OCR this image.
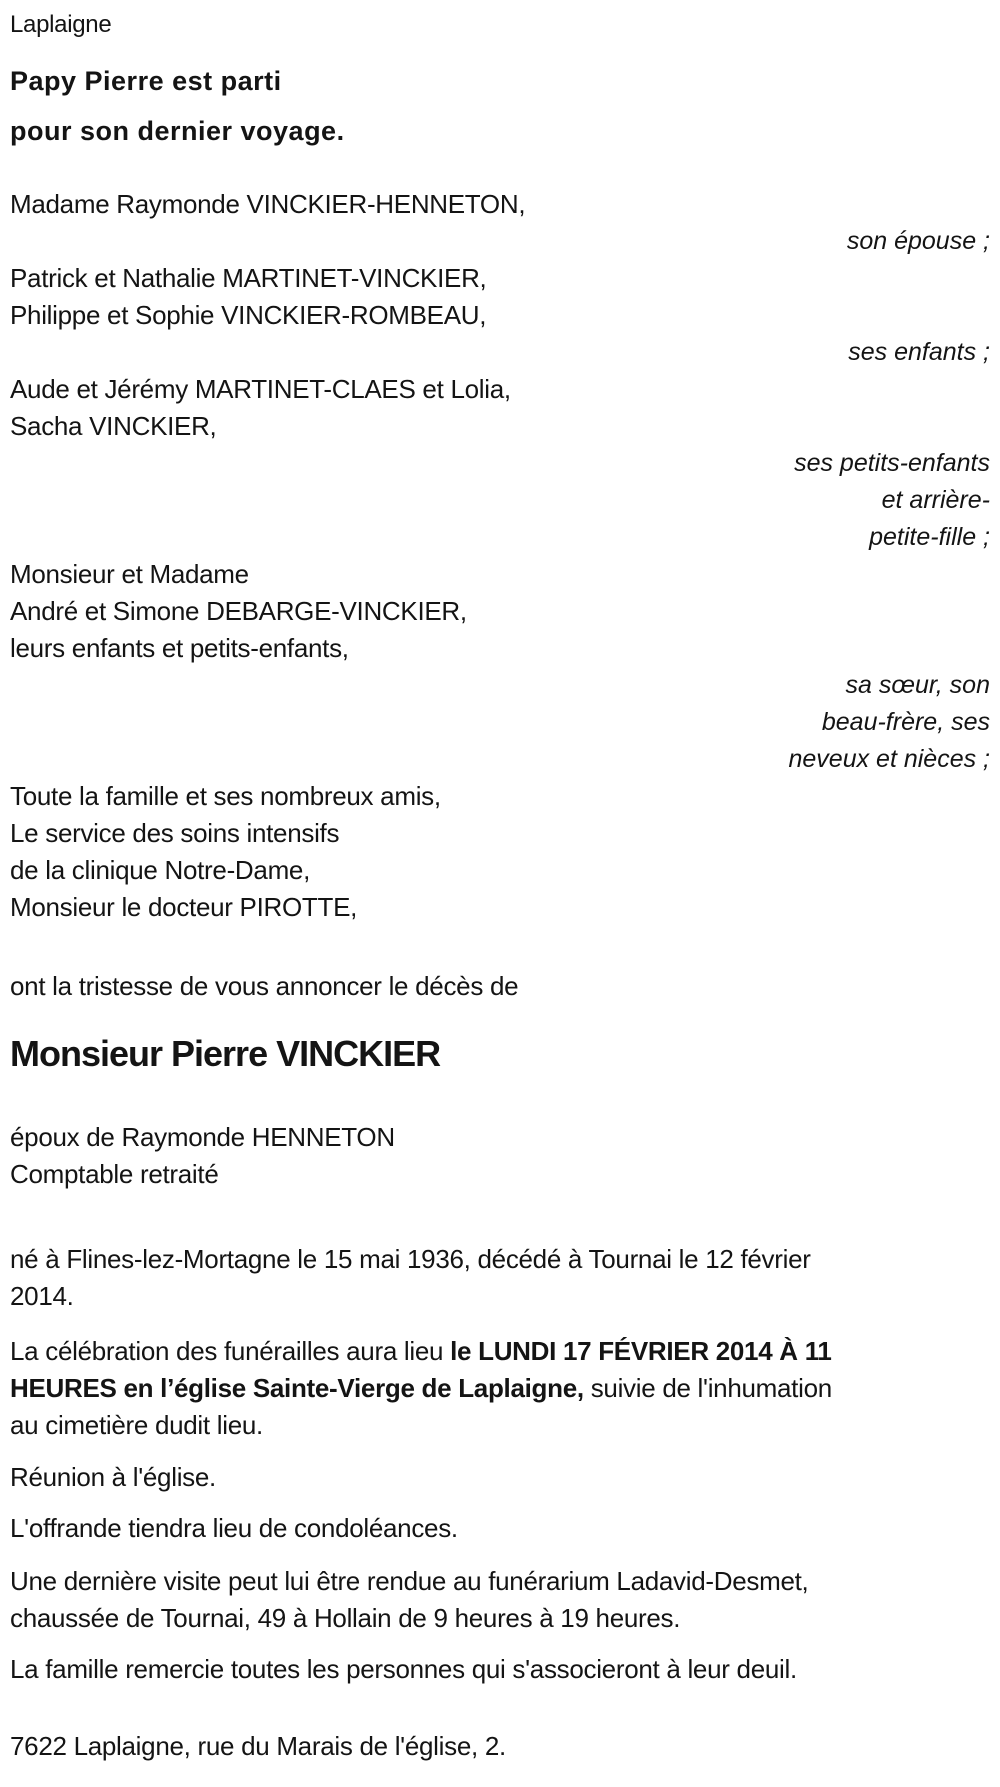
Laplaigne
Papy Pierre est parti
pour son dernier voyage.
Madame Raymonde VINCKIER-HENNETON,
son épouse ;
Patrick et Nathalie MARTINET-VINCKIER,
Philippe et Sophie VINCKIER-ROMBEAU,
ses enfants ;
Aude et Jérémy MARTINET-CLAES et Lolia,
Sacha VINCKIER,
ses petits-enfants
et arrière-
petite-fille ;
Monsieur et Madame
André et Simone DEBARGE-VINCKIER,
leurs enfants et petits-enfants,
sa sœur, son
beau-frère, ses
neveux et nièces ;
Toute la famille et ses nombreux amis,
Le service des soins intensifs
de la clinique Notre-Dame,
Monsieur le docteur PIROTTE,
ont la tristesse de vous annoncer le décès de
Monsieur Pierre VINCKIER
époux de Raymonde HENNETON
Comptable retraité
né à Flines-lez-Mortagne le 15 mai 1936, décédé à Tournai le 12 février
2014.
La célébration des funérailles aura lieu le LUNDI 17 FÉVRIER 2014 À 11
HEURES en l’église Sainte-Vierge de Laplaigne, suivie de l'inhumation
au cimetière dudit lieu.
Réunion à l'église.
L'offrande tiendra lieu de condoléances.
Une dernière visite peut lui être rendue au funérarium Ladavid-Desmet,
chaussée de Tournai, 49 à Hollain de 9 heures à 19 heures.
La famille remercie toutes les personnes qui s'associeront à leur deuil.
7622 Laplaigne, rue du Marais de l'église, 2.
